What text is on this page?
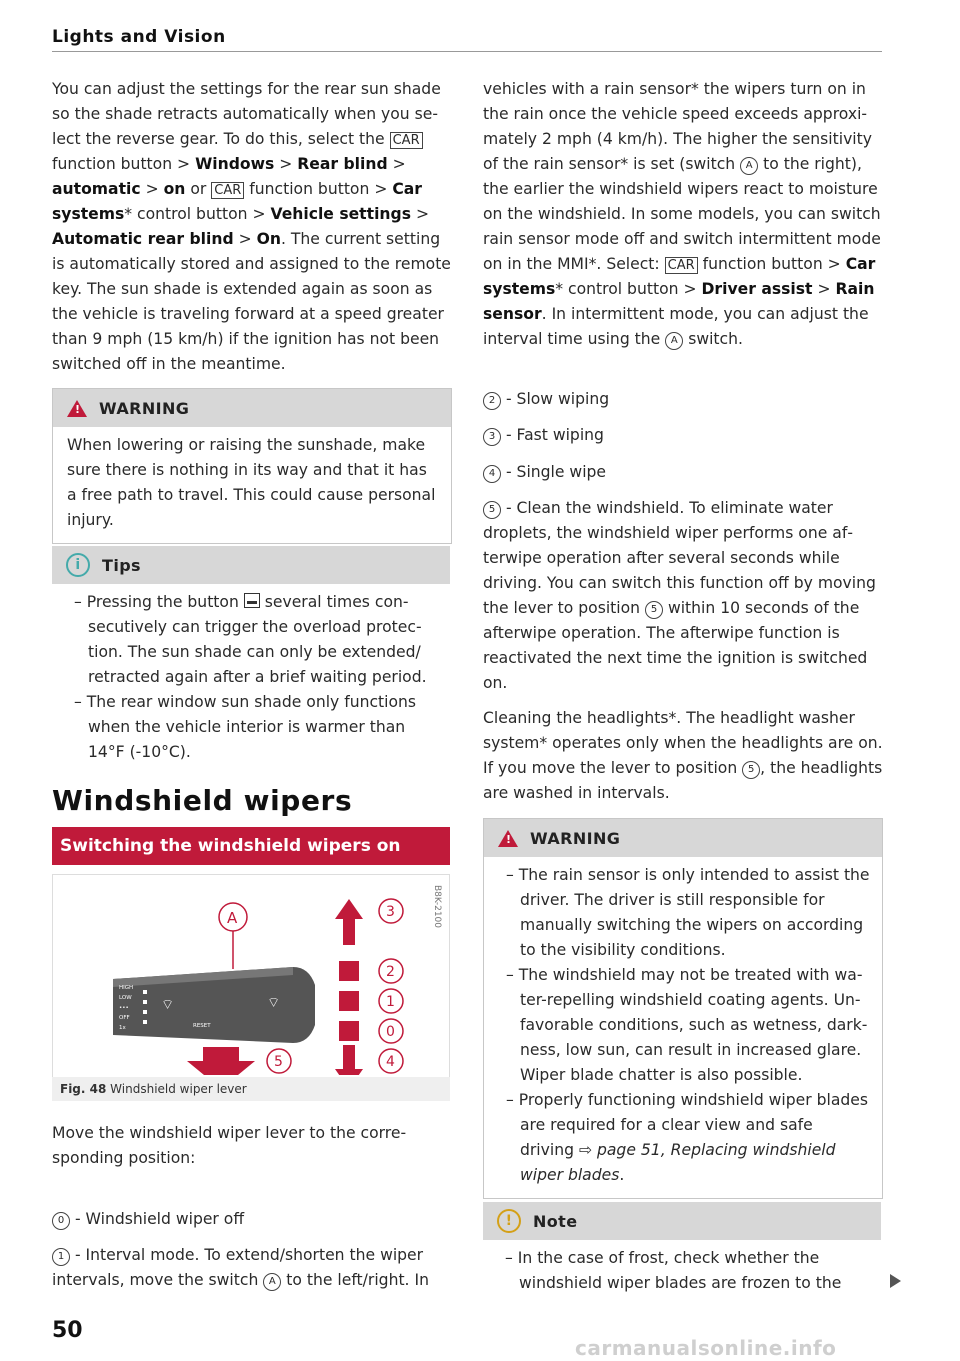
Lights and Vision
You can adjust the settings for the rear sun shade so the shade retracts automatically when you select the reverse gear. To do this, select the CAR function button > Windows > Rear blind > automatic > on or CAR function button > Car systems* control button > Vehicle settings > Automatic rear blind > On. The current setting is automatically stored and assigned to the remote key. The sun shade is extended again as soon as the vehicle is traveling forward at a speed greater than 9 mph (15 km/h) if the ignition has not been switched off in the meantime.
! WARNING
When lowering or raising the sunshade, make sure there is nothing in its way and that it has a free path to travel. This could cause personal injury.
i	Tips
– Pressing the button  several times consecutively can trigger the overload protection. The sun shade can only be extended/ retracted again after a brief waiting period.
– The rear window sun shade only functions when the vehicle interior is warmer than 14°F (-10°C).
Windshield wipers
Switching the windshield wipers on
B8K-2100
A
HIGH
LOW
•••
OFF
1x	RESET
⌔	⌔
3
2
1
0
4
5
Fig. 48 Windshield wiper lever
Move the windshield wiper lever to the corresponding position:
0 - Windshield wiper off
1 - Interval mode. To extend/shorten the wiper intervals, move the switch A to the left/right. In
50
vehicles with a rain sensor* the wipers turn on in the rain once the vehicle speed exceeds approximately 2 mph (4 km/h). The higher the sensitivity of the rain sensor* is set (switch A to the right), the earlier the windshield wipers react to moisture on the windshield. In some models, you can switch rain sensor mode off and switch intermittent mode on in the MMI*. Select: CAR function button > Car systems* control button > Driver assist > Rain sensor. In intermittent mode, you can adjust the interval time using the A switch.
2 - Slow wiping
3 - Fast wiping
4 - Single wipe
5 - Clean the windshield. To eliminate water droplets, the windshield wiper performs one afterwipe operation after several seconds while driving. You can switch this function off by moving the lever to position 5 within 10 seconds of the afterwipe operation. The afterwipe function is reactivated the next time the ignition is switched on.
Cleaning the headlights*. The headlight washer system* operates only when the headlights are on. If you move the lever to position 5 , the headlights are washed in intervals.
! WARNING
– The rain sensor is only intended to assist the driver. The driver is still responsible for manually switching the wipers on according to the visibility conditions.
– The windshield may not be treated with water-repelling windshield coating agents. Unfavorable conditions, such as wetness, darkness, low sun, can result in increased glare. Wiper blade chatter is also possible.
– Properly functioning windshield wiper blades are required for a clear view and safe driving ⇨ page 51, Replacing windshield wiper blades.
!	Note
– In the case of frost, check whether the windshield wiper blades are frozen to the
carmanualsonline.info
